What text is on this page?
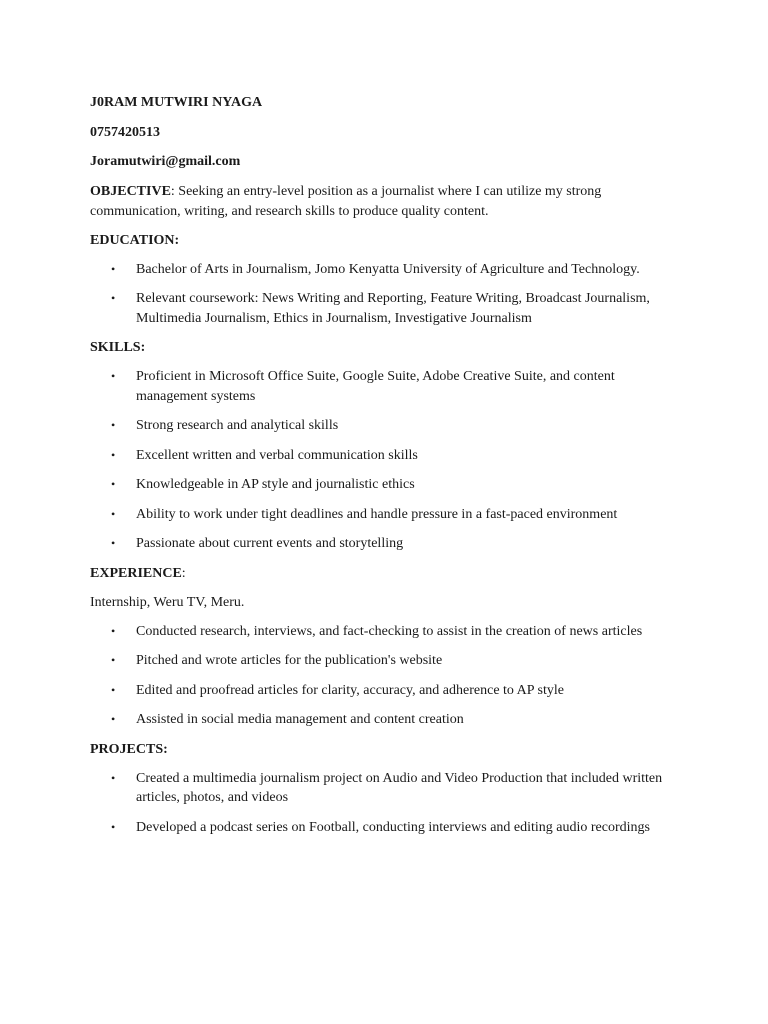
J0RAM MUTWIRI NYAGA
0757420513
Joramutwiri@gmail.com
OBJECTIVE: Seeking an entry-level position as a journalist where I can utilize my strong communication, writing, and research skills to produce quality content.
EDUCATION:
• Bachelor of Arts in Journalism, Jomo Kenyatta University of Agriculture and Technology.
• Relevant coursework: News Writing and Reporting, Feature Writing, Broadcast Journalism, Multimedia Journalism, Ethics in Journalism, Investigative Journalism
SKILLS:
• Proficient in Microsoft Office Suite, Google Suite, Adobe Creative Suite, and content management systems
• Strong research and analytical skills
• Excellent written and verbal communication skills
• Knowledgeable in AP style and journalistic ethics
• Ability to work under tight deadlines and handle pressure in a fast-paced environment
• Passionate about current events and storytelling
EXPERIENCE:
Internship, Weru TV, Meru.
• Conducted research, interviews, and fact-checking to assist in the creation of news articles
• Pitched and wrote articles for the publication's website
• Edited and proofread articles for clarity, accuracy, and adherence to AP style
• Assisted in social media management and content creation
PROJECTS:
• Created a multimedia journalism project on Audio and Video Production that included written articles, photos, and videos
• Developed a podcast series on Football, conducting interviews and editing audio recordings
